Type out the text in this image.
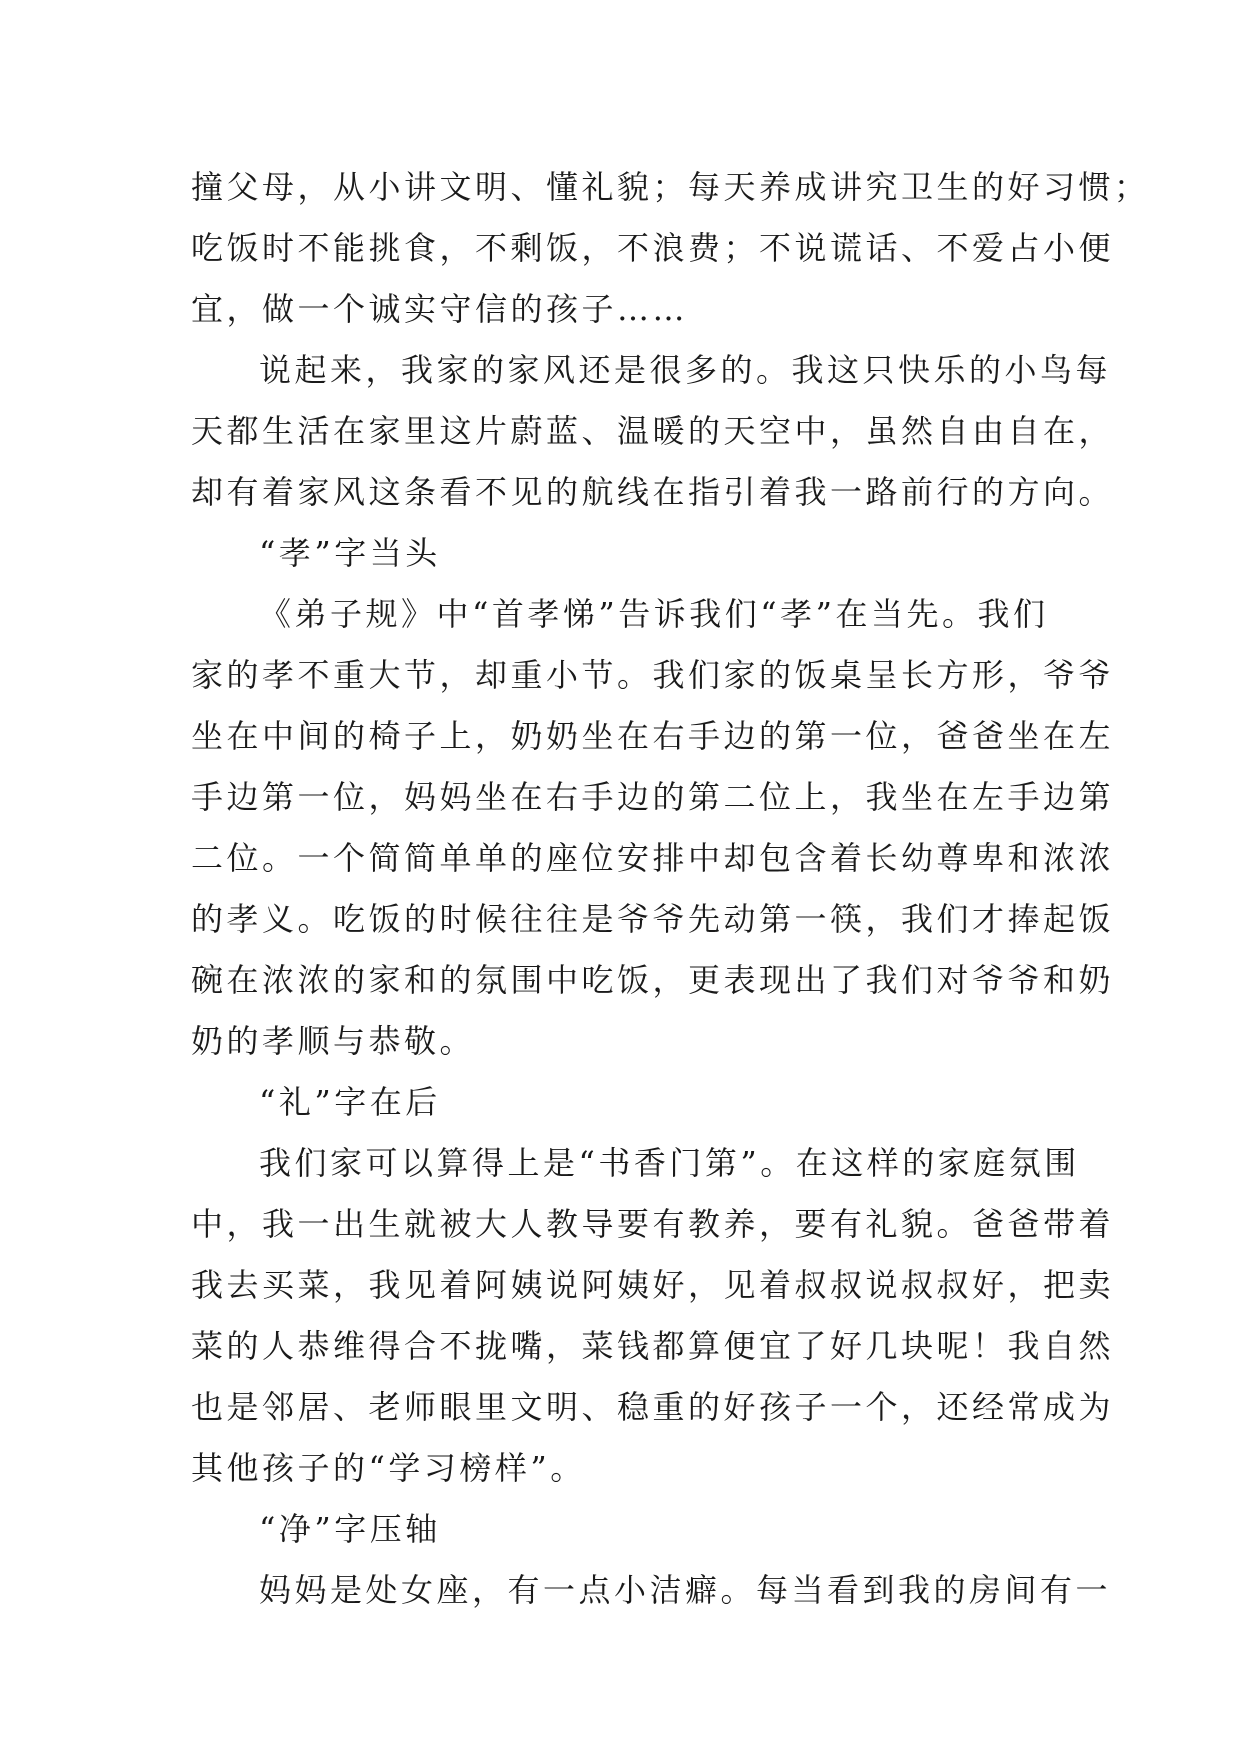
撞父母，从小讲文明、懂礼貌；每天养成讲究卫生的好习惯；
吃饭时不能挑食，不剩饭，不浪费；不说谎话、不爱占小便
宜，做一个诚实守信的孩子……
说起来，我家的家风还是很多的。我这只快乐的小鸟每
天都生活在家里这片蔚蓝、温暖的天空中，虽然自由自在，
却有着家风这条看不见的航线在指引着我一路前行的方向。
“孝”字当头
《弟子规》中“首孝悌”告诉我们“孝”在当先。我们
家的孝不重大节，却重小节。我们家的饭桌呈长方形，爷爷
坐在中间的椅子上，奶奶坐在右手边的第一位，爸爸坐在左
手边第一位，妈妈坐在右手边的第二位上，我坐在左手边第
二位。一个简简单单的座位安排中却包含着长幼尊卑和浓浓
的孝义。吃饭的时候往往是爷爷先动第一筷，我们才捧起饭
碗在浓浓的家和的氛围中吃饭，更表现出了我们对爷爷和奶
奶的孝顺与恭敬。
“礼”字在后
我们家可以算得上是“书香门第”。在这样的家庭氛围
中，我一出生就被大人教导要有教养，要有礼貌。爸爸带着
我去买菜，我见着阿姨说阿姨好，见着叔叔说叔叔好，把卖
菜的人恭维得合不拢嘴，菜钱都算便宜了好几块呢！我自然
也是邻居、老师眼里文明、稳重的好孩子一个，还经常成为
其他孩子的“学习榜样”。
“净”字压轴
妈妈是处女座，有一点小洁癖。每当看到我的房间有一
